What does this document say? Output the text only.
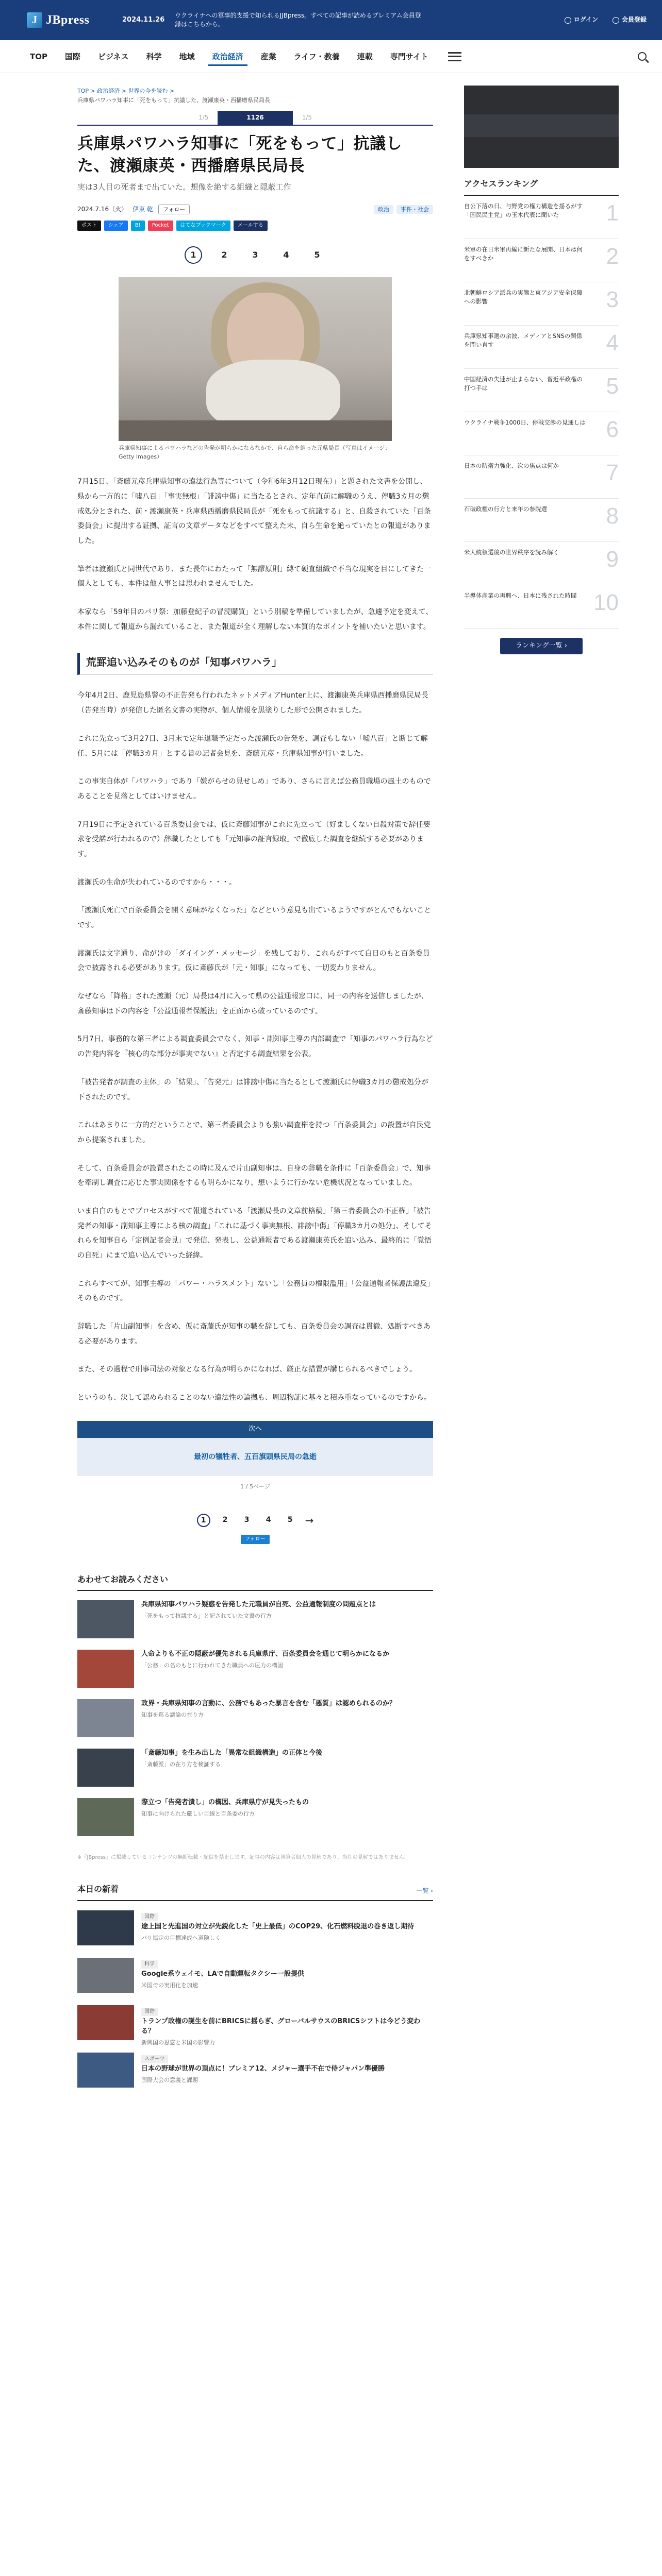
J JBpress	2024.11.26
ウクライナへの軍事的支援で知られるJJBpress。すべての記事が読めるプレミアム会員登録はこちらから。
ログイン	会員登録
TOP 国際 ビジネス 科学 地域 政治経済 産業 ライフ・教養 連載 専門サイト
TOP > 政治経済 > 世界の今を読む >
兵庫県パワハラ知事に「死をもって」抗議した、渡瀬康英・西播磨県民局長
1/5	1126	1/5
兵庫県パワハラ知事に「死をもって」抗議した、渡瀬康英・西播磨県民局長
実は3人目の死者まで出ていた。想像を絶する組織と隠蔽工作
2024.7.16（火） 伊東 乾	フォロー	政治	事件・社会
ポスト	シェア	B!	Pocket	はてなブックマーク	メールする
1	2	3	4	5
兵庫県知事によるパワハラなどの告発が明らかになるなかで、自ら命を絶った元県局長（写真はイメージ：Getty Images）

7月15日、「斎藤元彦兵庫県知事の違法行為等について（令和6年3月12日現在）」と題された文書を公開し、県から一方的に「嘘八百」「事実無根」「誹謗中傷」に当たるとされ、定年直前に解職のうえ、停職3カ月の懲戒処分とされた、前・渡瀬康英・兵庫県西播磨県民局長が「死をもって抗議する」と、自殺されていた「百条委員会」に提出する証拠、証言の文章データなどをすべて整えた末、自ら生命を絶っていたとの報道がありました。

筆者は渡瀬氏と同世代であり、また長年にわたって「無謬原則」縛て硬直組織で不当な現実を目にしてきた一個人としても、本件は他人事とは思われませんでした。

本家なら「59年目のパリ祭：加藤登紀子の冒涜購買」という別稿を準備していましたが、急遽予定を変えて、本件に関して報道から漏れていること、また報道が全く理解しない本質的なポイントを補いたいと思います。

荒罫追い込みそのものが「知事パワハラ」

今年4月2日、鹿児島県警の不正告発も行われたネットメディアHunter上に、渡瀬康英兵庫県西播磨県民局長（告発当時）が発信した匿名文書の実物が、個人情報を黒塗りした形で公開されました。

これに先立って3月27日、3月末で定年退職予定だった渡瀬氏の告発を、調査もしない「嘘八百」と断じて解任、5月には「停職3カ月」とする旨の記者会見を、斎藤元彦・兵庫県知事が行いました。

この事実自体が「パワハラ」であり「嫌がらせの見せしめ」であり、さらに言えば公務員職場の風土のものであることを見落としてはいけません。

7月19日に予定されている百条委員会では、仮に斎藤知事がこれに先立って（好ましくない自殺対策で辞任要求を受諾が行われるので）辞職したとしても「元知事の証言録取」で徹底した調査を継続する必要があります。

渡瀬氏の生命が失われているのですから・・・。

「渡瀬氏死亡で百条委員会を開く意味がなくなった」などという意見も出ているようですがとんでもないことです。

渡瀬氏は文字通り、命がけの「ダイイング・メッセージ」を残しており、これらがすべて白日のもと百条委員会で披露される必要があります。仮に斎藤氏が「元・知事」になっても、一切変わりません。

なぜなら「降格」された渡瀬（元）局長は4月に入って県の公益通報窓口に、同一の内容を送信しましたが、斎藤知事は下の内容を「公益通報者保護法」を正面から破っているのです。

5月7日、事務的な第三者による調査委員会でなく、知事・副知事主導の内部調査で「知事のパワハラ行為などの告発内容を『核心的な部分が事実でない』と否定する調査結果を公表。

「被告発者が調査の主体」の「結果」、「告発元」は誹謗中傷に当たるとして渡瀬氏に停職3カ月の懲戒処分が下されたのです。

これはあまりに一方的だということで、第三者委員会よりも強い調査権を持つ「百条委員会」の設置が自民党から提案されました。

そして、百条委員会が設置されたこの時に及んで片山副知事は、自身の辞職を条件に「百条委員会」で、知事を牽制し調査に応じた事実関係をするも明らかになり、想いように行かない危機状況となっていました。

いま自白のもとでプロセスがすべて報道されている「渡瀬局長の文章前格稿」「第三者委員会の不正権」「被告発者の知事・副知事主導による核の調査」「これに基づく事実無根、誹謗中傷」「停職3カ月の処分」、そしてそれらを知事自ら「定例記者会見」で発信、発表し、公益通報者である渡瀬康英氏を追い込み、最終的に「覚悟の自死」にまで追い込んでいった経緯。

これらすべてが、知事主導の「パワー・ハラスメント」ないし「公務員の権限濫用」「公益通報者保護法違反」そのものです。

辞職した「片山副知事」を含め、仮に斎藤氏が知事の職を辞しても、百条委員会の調査は貫徹、処断すべきある必要があります。

また、その過程で刑事司法の対象となる行為が明らかになれば、厳正な措置が講じられるべきでしょう。

というのも、決して認められることのない違法性の論拠も、周辺物証に基々と積み重なっているのですから。

次へ
最初の犠牲者、五百旗頭県民局の急逝
1 / 5ページ
1	2	3	4	5	→
フォロー
あわせてお読みください
兵庫県知事パワハラ疑惑を告発した元職員が自死、公益通報制度の問題点とは
「死をもって抗議する」と記されていた文書の行方
人命よりも不正の隠蔽が優先される兵庫県庁、百条委員会を通じて明らかになるか
「公務」の名のもとに行われてきた職員への圧力の構図
政界・兵庫県知事の言動に、公務でもあった暴言を含む「悪質」は認められるのか？
知事を巡る議論の在り方
「斎藤知事」を生み出した「異常な組織構造」の正体と今後
「斎藤派」の在り方を検証する
際立つ「告発者潰し」の構図、兵庫県庁が見失ったもの
知事に向けられた厳しい目線と百条委の行方
※『JBpress』に掲載しているコンテンツの無断転載・配信を禁止します。記事の内容は執筆者個人の見解であり、当社の見解ではありません。
本日の新着	一覧 ›
国際
途上国と先進国の対立が先鋭化した「史上最低」のCOP29、化石燃料脱退の巻き返し期待
パリ協定の目標達成へ道険しく
科学
Google系ウェイモ、LAで自動運転タクシー一般提供
米国での実用化を加速
国際
トランプ政権の誕生を前にBRICSに揺らぎ、グローバルサウスのBRICSシフトは今どう変わる？
新興国の思惑と米国の影響力
スポーツ
日本の野球が世界の頂点に！プレミア12、メジャー選手不在で侍ジャパン準優勝
国際大会の意義と課題
アクセスランキング
自公下落の日、与野党の権力構造を揺るがす「国民民主党」の玉木代表に聞いた	1
米軍の在日米軍再編に新たな展開、日本は何をすべきか	2
北朝鮮ロシア派兵の実態と東アジア安全保障への影響	3
兵庫県知事選の余波、メディアとSNSの関係を問い直す	4
中国経済の失速が止まらない、習近平政権の打つ手は	5
ウクライナ戦争1000日、停戦交渉の見通しは 6
日本の防衛力強化、次の焦点は何か	7
石破政権の行方と来年の参院選	8
米大統領選後の世界秩序を読み解く	9
半導体産業の再興へ、日本に残された時間 10
ランキング一覧 ›
